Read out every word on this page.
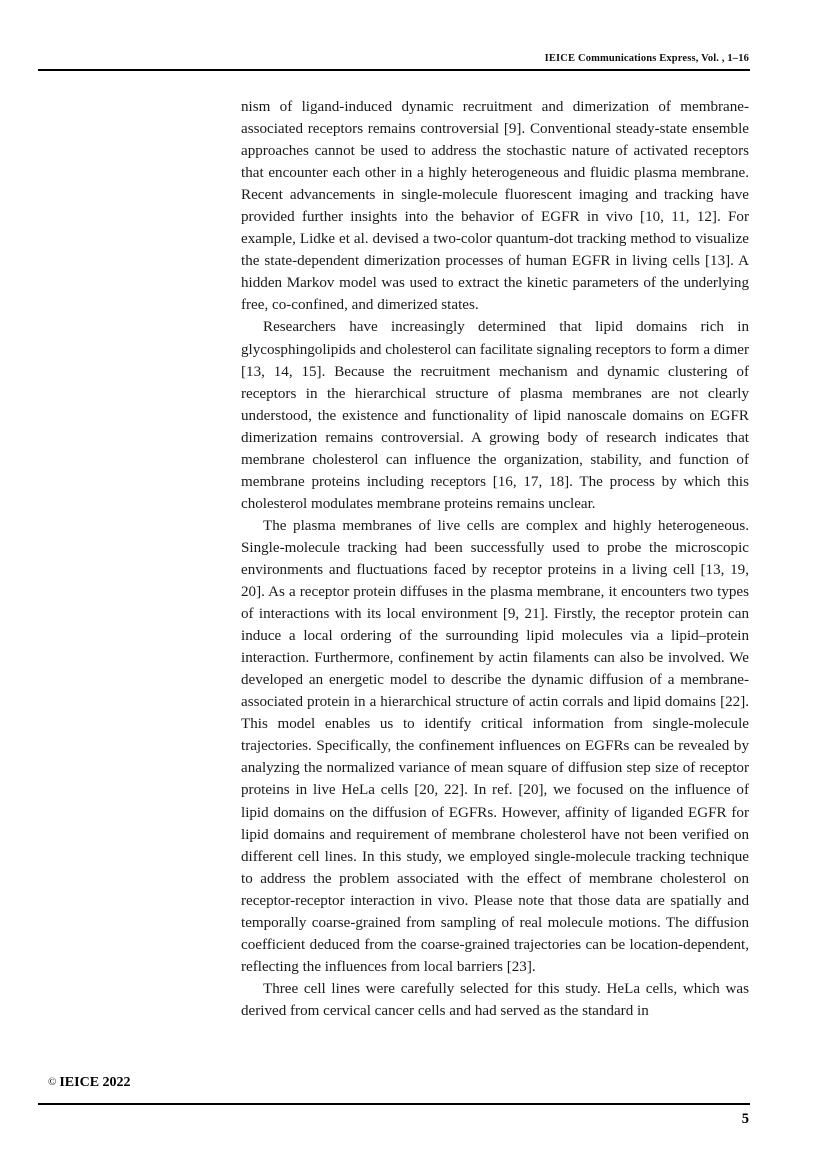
IEICE Communications Express, Vol. , 1–16

nism of ligand-induced dynamic recruitment and dimerization of membrane-associated receptors remains controversial [9]. Conventional steady-state ensemble approaches cannot be used to address the stochastic nature of activated receptors that encounter each other in a highly heterogeneous and fluidic plasma membrane. Recent advancements in single-molecule fluorescent imaging and tracking have provided further insights into the behavior of EGFR in vivo [10, 11, 12]. For example, Lidke et al. devised a two-color quantum-dot tracking method to visualize the state-dependent dimerization processes of human EGFR in living cells [13]. A hidden Markov model was used to extract the kinetic parameters of the underlying free, co-confined, and dimerized states.

Researchers have increasingly determined that lipid domains rich in glycosphingolipids and cholesterol can facilitate signaling receptors to form a dimer [13, 14, 15]. Because the recruitment mechanism and dynamic clustering of receptors in the hierarchical structure of plasma membranes are not clearly understood, the existence and functionality of lipid nanoscale domains on EGFR dimerization remains controversial. A growing body of research indicates that membrane cholesterol can influence the organization, stability, and function of membrane proteins including receptors [16, 17, 18]. The process by which this cholesterol modulates membrane proteins remains unclear.

The plasma membranes of live cells are complex and highly heterogeneous. Single-molecule tracking had been successfully used to probe the microscopic environments and fluctuations faced by receptor proteins in a living cell [13, 19, 20]. As a receptor protein diffuses in the plasma membrane, it encounters two types of interactions with its local environment [9, 21]. Firstly, the receptor protein can induce a local ordering of the surrounding lipid molecules via a lipid–protein interaction. Furthermore, confinement by actin filaments can also be involved. We developed an energetic model to describe the dynamic diffusion of a membrane-associated protein in a hierarchical structure of actin corrals and lipid domains [22]. This model enables us to identify critical information from single-molecule trajectories. Specifically, the confinement influences on EGFRs can be revealed by analyzing the normalized variance of mean square of diffusion step size of receptor proteins in live HeLa cells [20, 22]. In ref. [20], we focused on the influence of lipid domains on the diffusion of EGFRs. However, affinity of liganded EGFR for lipid domains and requirement of membrane cholesterol have not been verified on different cell lines. In this study, we employed single-molecule tracking technique to address the problem associated with the effect of membrane cholesterol on receptor-receptor interaction in vivo. Please note that those data are spatially and temporally coarse-grained from sampling of real molecule motions. The diffusion coefficient deduced from the coarse-grained trajectories can be location-dependent, reflecting the influences from local barriers [23].

Three cell lines were carefully selected for this study. HeLa cells, which was derived from cervical cancer cells and had served as the standard in

© IEICE 2022
5
